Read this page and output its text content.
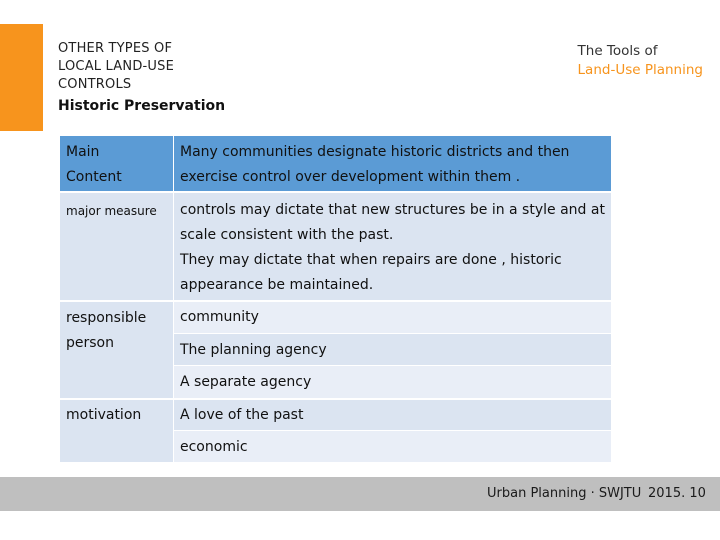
OTHER TYPES OF
LOCAL LAND-USE
CONTROLS
Historic Preservation
The Tools of
Land-Use Planning
Main
Content
Many communities designate historic districts and then
exercise control over development within them .
major measure	controls may dictate that new structures be in a style and at
scale consistent with the past.
They may dictate that when repairs are done , historic
appearance be maintained.
responsible
person
community
The planning agency
A separate agency
motivation	A love of the past
economic
Urban Planning · SWJTU 2015. 10
